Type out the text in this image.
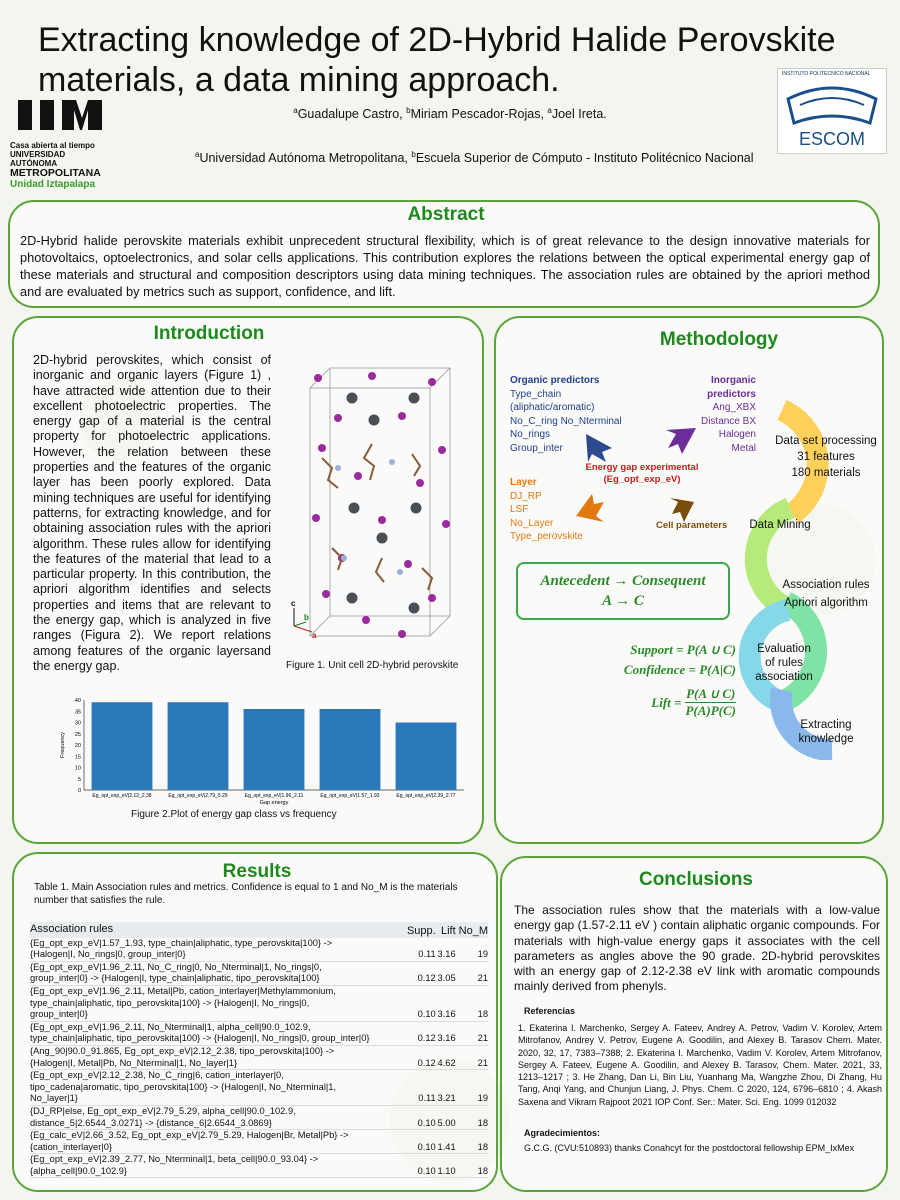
Extracting knowledge of 2D-Hybrid Halide Perovskite materials, a data mining approach.
$^a$Guadalupe Castro, $^b$Miriam Pescador-Rojas, $^a$Joel Ireta.
$^a$Universidad Autónoma Metropolitana, $^b$Escuela Superior de Cómputo - Instituto Politécnico Nacional
Casa abierta al tiempo
UNIVERSIDAD AUTÓNOMA
METROPOLITANA
Unidad Iztapalapa
INSTITUTO POLITÉCNICO NACIONAL
ESCOM
Abstract
2D-Hybrid halide perovskite materials exhibit unprecedent structural flexibility, which is of great relevance to the design innovative materials for photovoltaics, optoelectronics, and solar cells applications. This contribution explores the relations between the optical experimental energy gap of these materials and structural and composition descriptors using data mining techniques. The association rules are obtained by the apriori method and are evaluated by metrics such as support, confidence, and lift.
Introduction
2D-hybrid perovskites, which consist of inorganic and organic layers (Figure 1) , have attracted wide attention due to their excellent photoelectric properties. The energy gap of a material is the central property for photoelectric applications. However, the relation between these properties and the features of the organic layer has been poorly explored. Data mining techniques are useful for identifying patterns, for extracting knowledge, and for obtaining association rules with the apriori algorithm. These rules allow for identifying the features of the material that lead to a particular property. In this contribution, the apriori algorithm identifies and selects properties and items that are relevant to the energy gap, which is analyzed in five ranges (Figura 2). We report relations among features of the organic layersand the energy gap.
c
b
a
Figure 1. Unit cell 2D-hybrid perovskite
0
5
10
15
20
25
30
35
40
Eg_opt_exp_eV|2.12_2.38	Eg_opt_exp_eV|2.79_5.29	Eg_opt_exp_eV|1.96_2.11	Eg_opt_exp_eV|1.57_1.93	Eg_opt_exp_eV|2.39_2.77
Gap energy
Frequency
Figure 2.Plot of energy gap class vs frequency
Methodology
Organic predictors
Type_chain
(aliphatic/aromatic)
No_C_ring No_Nterminal
No_rings
Group_inter
Inorganic
predictors
Ang_XBX
Distance BX
Halogen
Metal
Energy gap experimental
(Eg_opt_exp_eV)
Layer
DJ_RP
LSF
No_Layer
Type_perovskite
Cell parameters
Antecedent → Consequent
A → C
Support = P(A ∪ C)
Confidence = P(A|C)
Lift = $\frac{P(A \cup C)}{P(A)P(C)}$
Data set processing
31 features
180 materials
Data Mining
Association rules
Apriori algorithm
Evaluation
of rules
association
Extracting
knowledge
Results
Table 1. Main Association rules and metrics. Confidence is equal to 1 and No_M is the materials number that satisfies the rule.
Association rules	Supp.	Lift	No_M

{Eg_opt_exp_eV|1.57_1.93, type_chain|aliphatic, type_perovskita|100} ->
{Halogen|I, No_rings|0, group_inter|0}	0.11	3.16	19

{Eg_opt_exp_eV|1.96_2.11, No_C_ring|0, No_Nterminal|1, No_rings|0,
group_inter|0} -> {Halogen|I, type_chain|aliphatic, tipo_perovskita|100}	0.12	3.05	21

{Eg_opt_exp_eV|1.96_2.11, Metal|Pb, cation_interlayer|Methylammonium,
type_chain|aliphatic, tipo_perovskita|100} -> {Halogen|I, No_rings|0,
group_inter|0}	0.10	3.16	18

{Eg_opt_exp_eV|1.96_2.11, No_Nterminal|1, alpha_cell|90.0_102.9,
type_chain|aliphatic, tipo_perovskita|100} -> {Halogen|I, No_rings|0, group_inter|0}	0.12	3.16	21

{Ang_90|90.0_91.865, Eg_opt_exp_eV|2.12_2.38, tipo_perovskita|100} ->
{Halogen|I, Metal|Pb, No_Nterminal|1, No_layer|1}	0.12	4.62	21

{Eg_opt_exp_eV|2.12_2.38, No_C_ring|6, cation_interlayer|0,
tipo_cadena|aromatic, tipo_perovskita|100} -> {Halogen|I, No_Nterminal|1,
No_layer|1}	0.11	3.21	19

{DJ_RP|else, Eg_opt_exp_eV|2.79_5.29, alpha_cell|90.0_102.9,
distance_5|2.6544_3.0271} -> {distance_6|2.6544_3.0869}	0.10	5.00	18

{Eg_calc_eV|2.66_3.52, Eg_opt_exp_eV|2.79_5.29, Halogen|Br, Metal|Pb} ->
{cation_interlayer|0}	0.10	1.41	18

{Eg_opt_exp_eV|2.39_2.77, No_Nterminal|1, beta_cell|90.0_93.04} ->
{alpha_cell|90.0_102.9}	0.10	1.10	18
Conclusions
The association rules show that the materials with a low-value energy gap (1.57-2.11 eV ) contain aliphatic organic compounds. For materials with high-value energy gaps it associates with the cell parameters as angles above the 90 grade. 2D-hybrid perovskites with an energy gap of 2.12-2.38 eV link with aromatic compounds mainly derived from phenyls.
Referencias
1. Ekaterina I. Marchenko, Sergey A. Fateev, Andrey A. Petrov, Vadim V. Korolev, Artem Mitrofanov, Andrey V. Petrov, Eugene A. Goodilin, and Alexey B. Tarasov Chem. Mater. 2020, 32, 17, 7383–7388; 2. Ekaterina I. Marchenko, Vadim V. Korolev, Artem Mitrofanov, Sergey A. Fateev, Eugene A. Goodilin, and Alexey B. Tarasov, Chem. Mater. 2021, 33, 1213–1217 ; 3. He Zhang, Dan Li, Bin Liu, Yuanhang Ma, Wangzhe Zhou, Di Zhang, Hu Tang, Anqi Yang, and Chunjun Liang, J. Phys. Chem. C 2020, 124, 6796–6810 ; 4. Akash Saxena and Vikram Rajpoot 2021 IOP Conf. Ser.: Mater. Sci. Eng. 1099 012032
Agradecimientos:
G.C.G. (CVU:510893) thanks Conahcyt for the postdoctoral fellowship EPM_IxMex
